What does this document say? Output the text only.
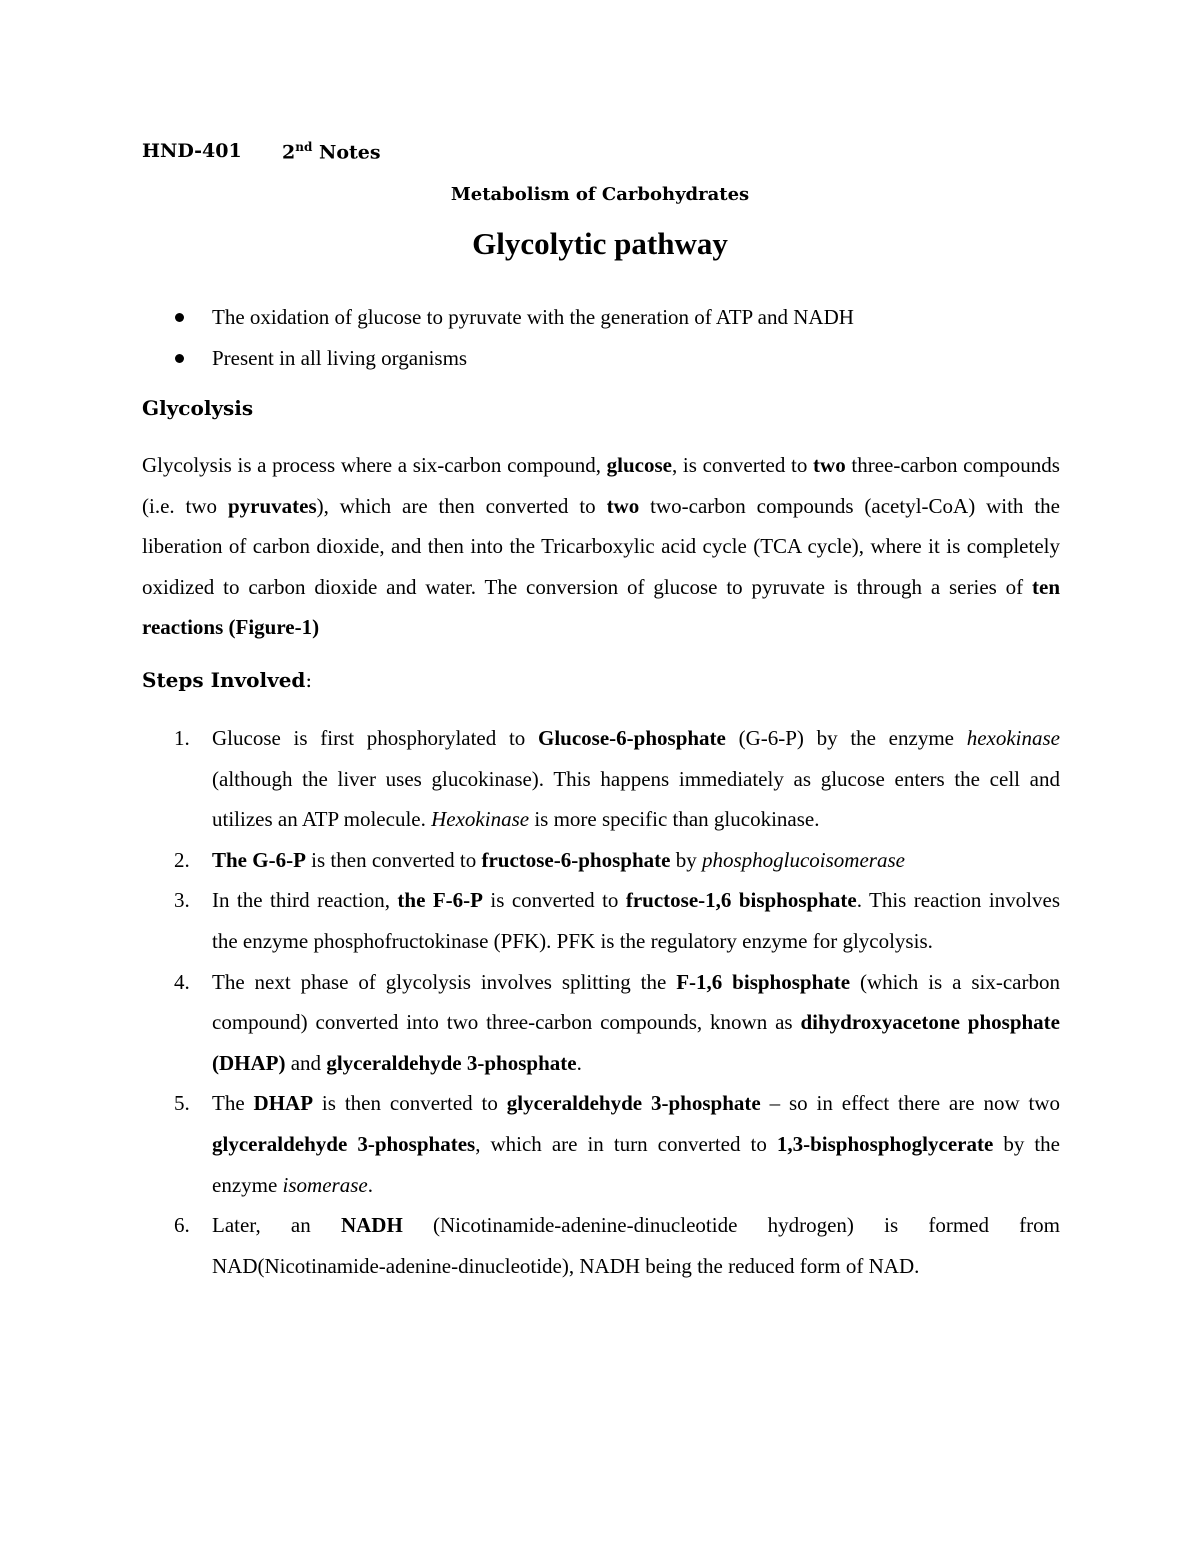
HND-401 2nd Notes
Metabolism of Carbohydrates
Glycolytic pathway
The oxidation of glucose to pyruvate with the generation of ATP and NADH
Present in all living organisms
Glycolysis

Glycolysis is a process where a six-carbon compound, glucose, is converted to two three-carbon compounds (i.e. two pyruvates), which are then converted to two two-carbon compounds (acetyl-CoA) with the liberation of carbon dioxide, and then into the Tricarboxylic acid cycle (TCA cycle), where it is completely oxidized to carbon dioxide and water. The conversion of glucose to pyruvate is through a series of ten reactions (Figure-1)

Steps Involved:
1. Glucose is first phosphorylated to Glucose-6-phosphate (G-6-P) by the enzyme hexokinase (although the liver uses glucokinase). This happens immediately as glucose enters the cell and utilizes an ATP molecule. Hexokinase is more specific than glucokinase.
2. The G-6-P is then converted to fructose-6-phosphate by phosphoglucoisomerase
3. In the third reaction, the F-6-P is converted to fructose-1,6 bisphosphate. This reaction involves the enzyme phosphofructokinase (PFK). PFK is the regulatory enzyme for glycolysis.
4. The next phase of glycolysis involves splitting the F-1,6 bisphosphate (which is a six-carbon compound) converted into two three-carbon compounds, known as dihydroxyacetone phosphate (DHAP) and glyceraldehyde 3-phosphate.
5. The DHAP is then converted to glyceraldehyde 3-phosphate – so in effect there are now two glyceraldehyde 3-phosphates, which are in turn converted to 1,3-bisphosphoglycerate by the enzyme isomerase.
6. Later, an NADH (Nicotinamide-adenine-dinucleotide hydrogen) is formed from NAD(Nicotinamide-adenine-dinucleotide), NADH being the reduced form of NAD.
